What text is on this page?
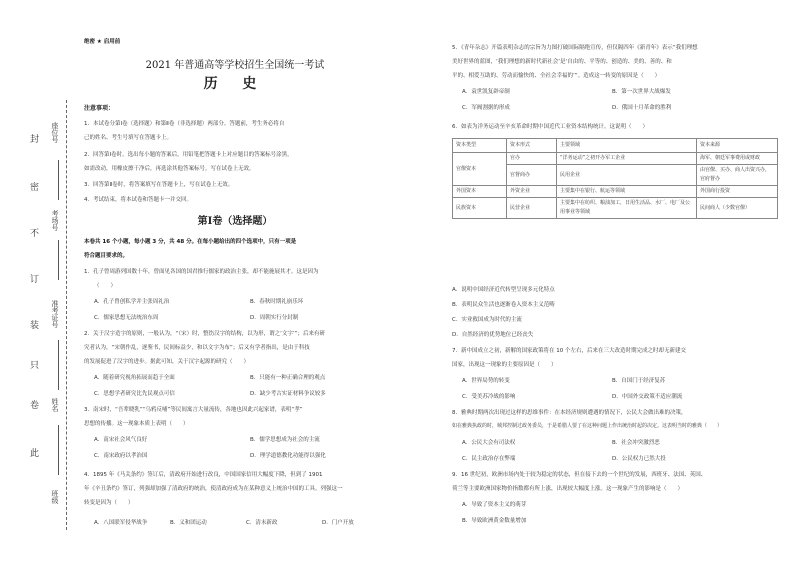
封
密
不
订
装
只
卷
此
座位号
考场号
准考证号
姓名
班级
绝密 ★ 启用前
2021 年普通高等学校招生全国统一考试
历 史
注意事项：
1．本试卷分第Ⅰ卷（选择题）和第Ⅱ卷（非选择题）两部分。答题前，考生务必将自
己的姓名、考生号填写在答题卡上。
2．回答第Ⅰ卷时，选出每小题的答案后，用铅笔把答题卡上对应题目的答案标号涂黑，
如需改动，用橡皮擦干净后，再选涂其他答案标号。写在试卷上无效。
3．回答第Ⅱ卷时，将答案填写在答题卡上，写在试卷上无效。
4．考试结束，将本试卷和答题卡一并交回。
第Ⅰ卷（选择题）
本卷共 16 个小题，每小题 3 分，共 48 分。在每小题给出的四个选项中，只有一项是
符合题目要求的。
1．孔子曾周游列国数十年，曾面见各国的国君推行儒家的政治主张，却不能施展其才。这是因为
（　　）
A．孔子曾创私学并主张周礼治	B．春秋时期礼崩乐坏
C．儒家思想无法统治东周	D．周朝实行分封制
2．关于汉字造字的原则，一般认为，“（宋）时，整饬汉字的结构，以为形，谓之‘文字’”；后来有研
究者认为，“宋朝作乱，逐鉴书，民间标益少，和以文字为布”；后又有学者指出，是由于科技
的发展促进了汉字的进步。据此可知，关于汉字起源的研究（　　）
A．随着研究视角拓展而趋于全面	B．只能有一种正确合理的观点
C．思想学者研究比先民观点可信	D．缺少考古实证材料争议较多
3．南宋时，“吾辈晓乳”“乌鸦反哺”等民间寓言大量流传，各地也因此兴起家谱，表明“孝”
思想的传播。这一现象本质上表明（　　）
A．南宋社会风气良好	B．儒学思想成为社会的主流
C．南宋政府以孝治国	D．理学道德教化功能得以强化
4．1895 年《马关条约》签订后，清政府开始进行改良，中国国家信用大幅度下降，但到了 1901
年《辛丑条约》签订，列强却加强了清政府的统治，使清政府成为在某种意义上统治中国的工具。列强这一
转变是因为（　　）
A．八国联军侵华战争	B．义和团运动	C．清末新政	D．门户开放
5．《青年杂志》开篇表明杂志的宗旨为力图打破国际隔绝宣传，但仅隔四年《新青年》表示“我们理想
美好世界的蓝图，‘我们理想的新时代新社会’是‘自由的、平等的、创造的、美的、善的、和
平的、相爱互助的、劳动而愉快的、全社会幸福的’”。造成这一转变的原因是（　　）
A．袁世凯复辟帝制	B．第一次世界大战爆发
C．军阀割据的形成	D．俄国十月革命的胜利
6．如表为洋务运动至辛亥革命时期中国近代工业资本结构统计。这说明（　　）
资本类型	资本形式	主要领域	资本来源
官僚资本	官办	“洋务运动”之初开办军工企业	海军、朝廷军事费用或财政
	官督商办	民用企业	由官僚、买办、商人出资兴办，官府督办
外国资本	外资企业	主要集中在银行、航运等领域	外国商行投资
民族资本	民营企业	主要集中在纺织、粮油加工，日用生活品、水厂、电厂及公用事业等领域	民间商人（少数官僚）
A．说明中国经济近代转型呈现多元化特点
B．表明民众生活也逐渐卷入资本主义范畴
C．实业救国成为时代的主流
D．自然经济的优势地位已经丧失
7．新中国成立之初，新解的国家政策将在 10 个左右，后来在三大改造时期完成之时却无新建交
国家，出现这一现象的主要原因是（　　）
A．世界局势的转变	B．自国门于经济复苏
C．受美苏冷战的影响	D．中国外交政策不适应潮流
8．雅典时期两次出现过这样的思维事件：在本经济规则遭遇的情况下，公民大会做出难的决策，
如在雅典执政的时，城邦控制过政务委员，于是希腊人要了在这种问题上作出统治时起的决定。这表明当时的雅典（　　）
A．公民大会有司法权	B．社会冲突激烈恶
C．民主政治存在弊端	D．公民权力已然大投
9．16 世纪初，欧洲市场内处于较为稳定的状态，但在接下去的一个世纪的发展，西班牙、法国、英国、
荷兰等主要欧洲国家物价指数都有所上涨，出现较大幅度上涨。这一现象产生的影响是（　　）
A．导致了资本主义的萌芽
B．导致欧洲黄金数量增加
